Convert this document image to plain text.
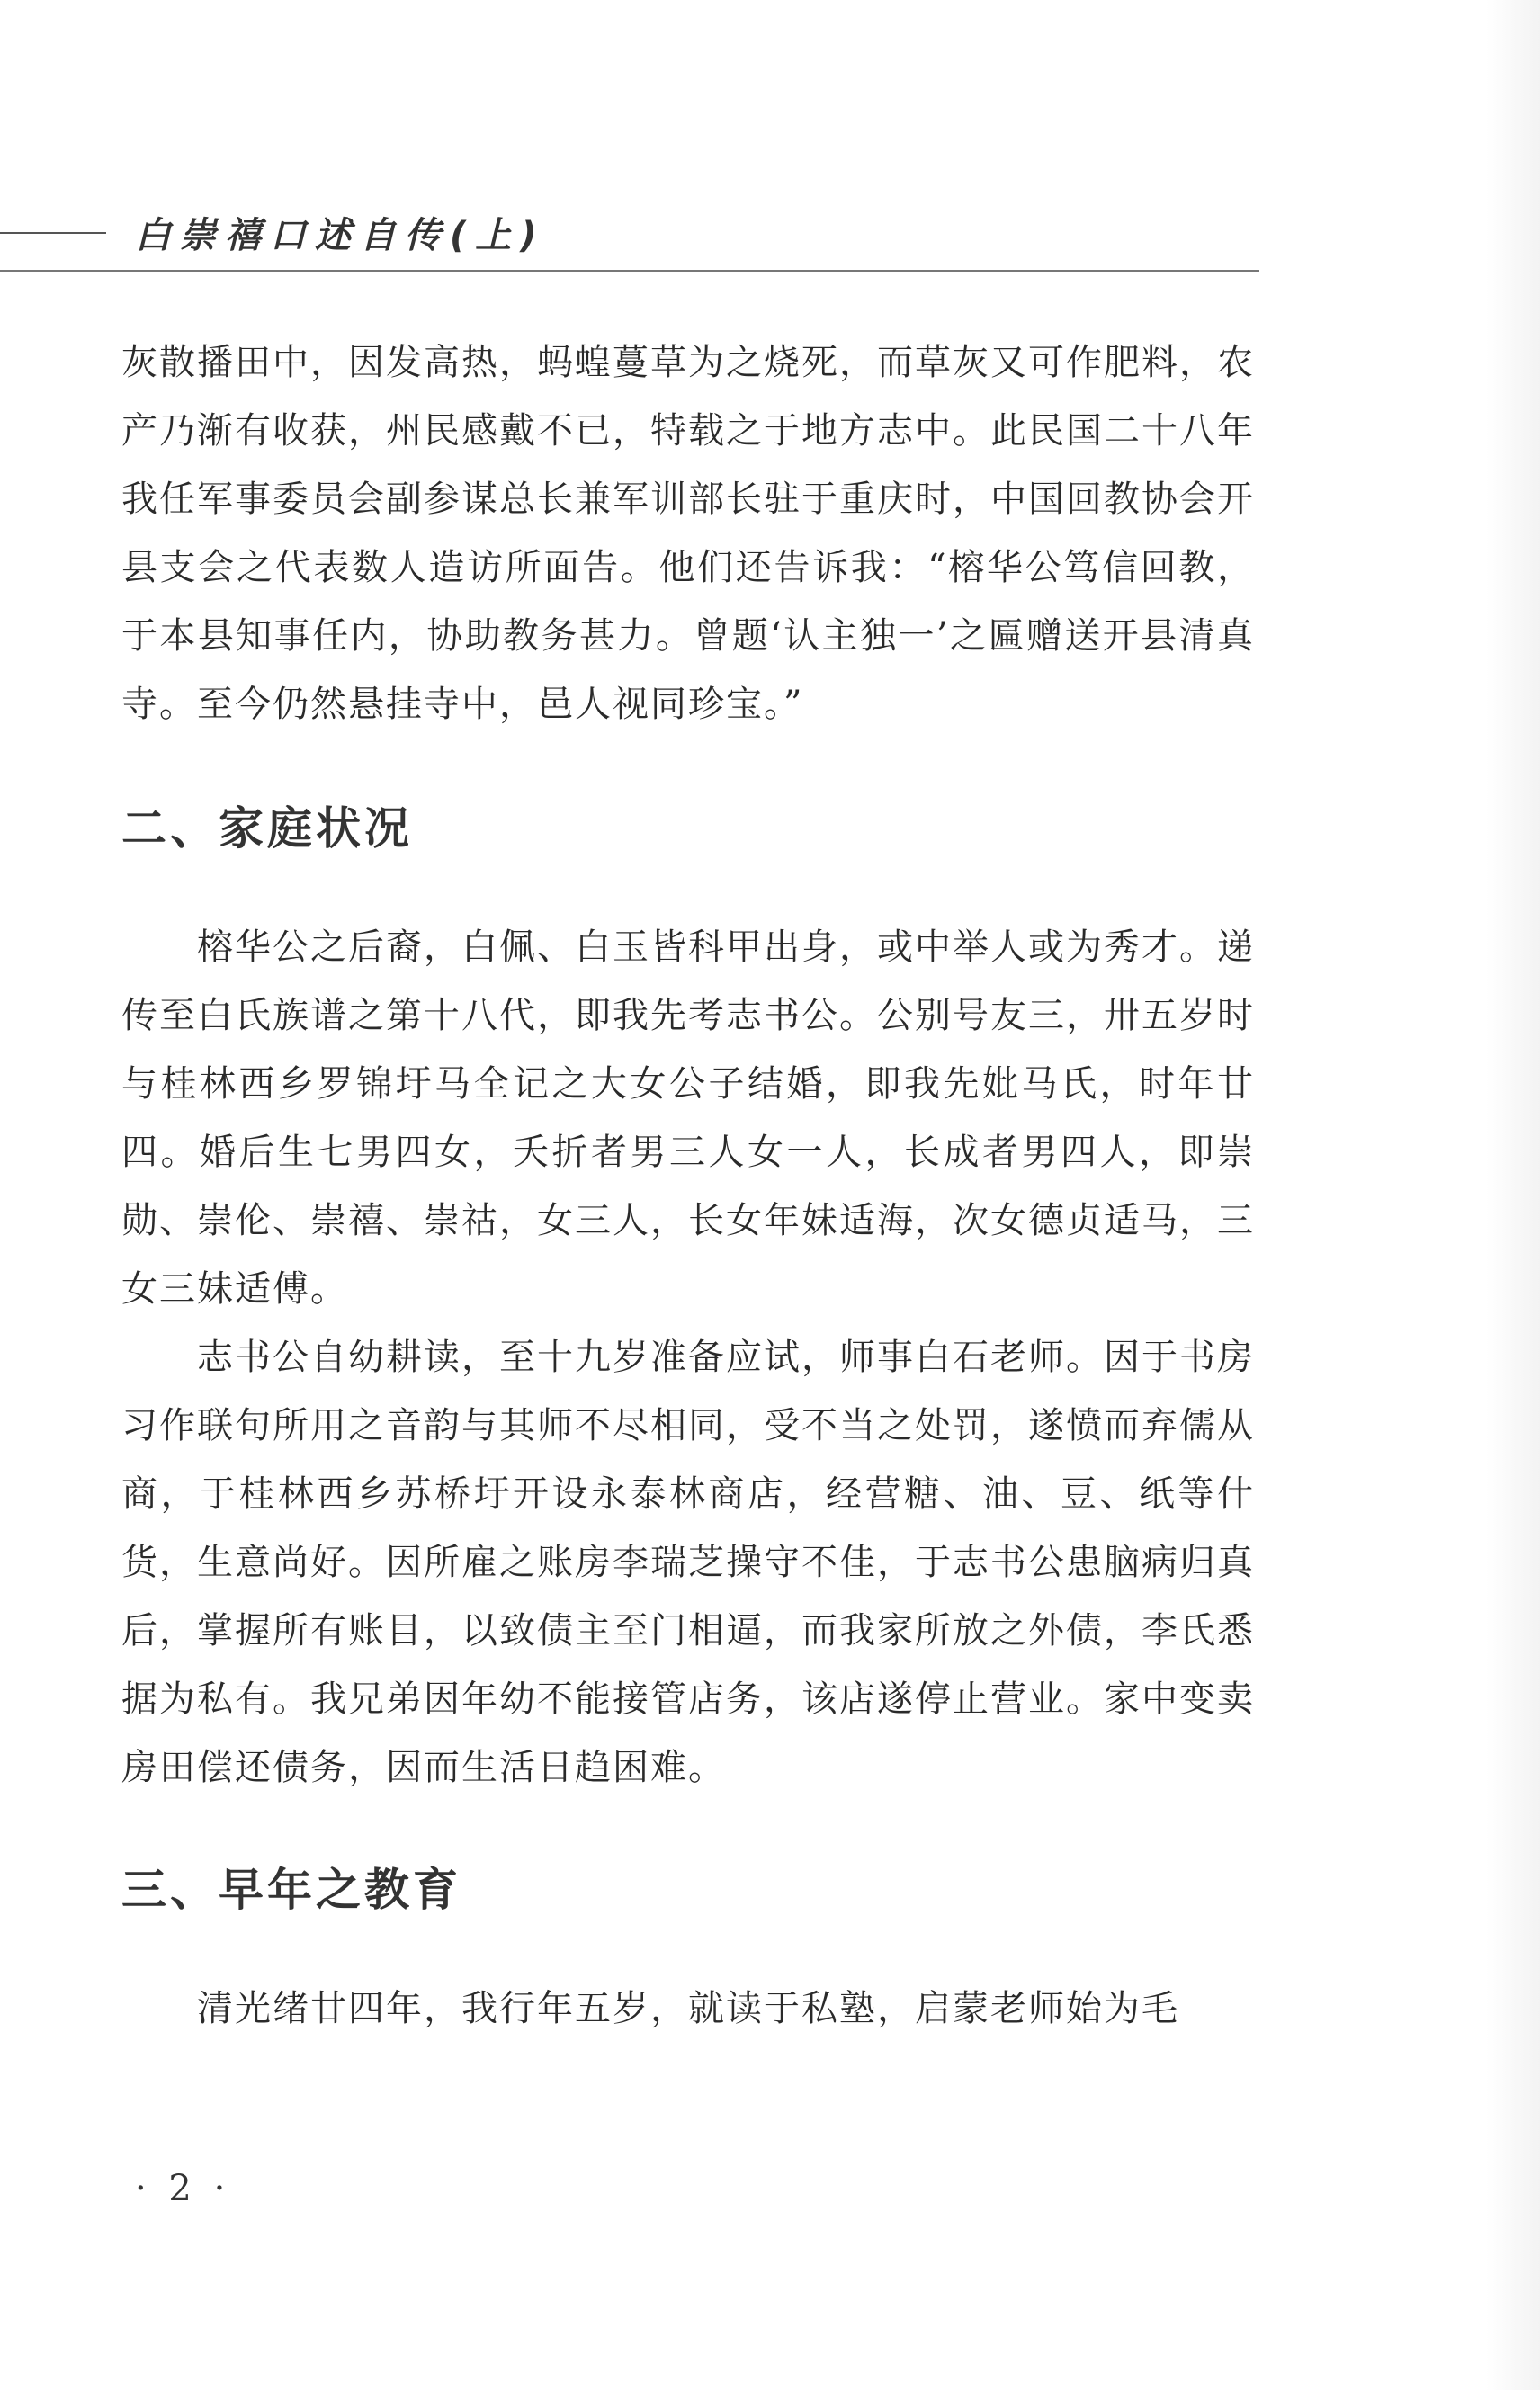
白崇禧口述自传(上)

灰散播田中，因发高热，蚂蝗蔓草为之烧死，而草灰又可作肥料，农产乃渐有收获，州民感戴不已，特载之于地方志中。此民国二十八年我任军事委员会副参谋总长兼军训部长驻于重庆时，中国回教协会开县支会之代表数人造访所面告。他们还告诉我：“榕华公笃信回教，于本县知事任内，协助教务甚力。曾题‘认主独一’之匾赠送开县清真寺。至今仍然悬挂寺中，邑人视同珍宝。”

二、家庭状况

榕华公之后裔，白佩、白玉皆科甲出身，或中举人或为秀才。递传至白氏族谱之第十八代，即我先考志书公。公别号友三，卅五岁时与桂林西乡罗锦圩马全记之大女公子结婚，即我先妣马氏，时年廿四。婚后生七男四女，夭折者男三人女一人，长成者男四人，即崇勋、崇伦、崇禧、崇祜，女三人，长女年妹适海，次女德贞适马，三女三妹适傅。

志书公自幼耕读，至十九岁准备应试，师事白石老师。因于书房习作联句所用之音韵与其师不尽相同，受不当之处罚，遂愤而弃儒从商，于桂林西乡苏桥圩开设永泰林商店，经营糖、油、豆、纸等什货，生意尚好。因所雇之账房李瑞芝操守不佳，于志书公患脑病归真后，掌握所有账目，以致债主至门相逼，而我家所放之外债，李氏悉据为私有。我兄弟因年幼不能接管店务，该店遂停止营业。家中变卖房田偿还债务，因而生活日趋困难。

三、早年之教育

清光绪廿四年，我行年五岁，就读于私塾，启蒙老师始为毛

· 2 ·
